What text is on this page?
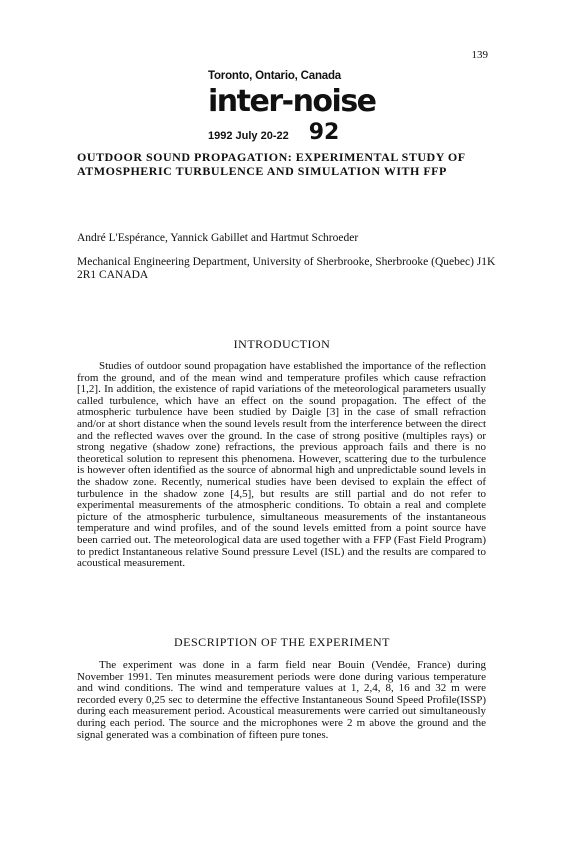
139
Toronto, Ontario, Canada
inter-noise
1992 July 20-22 92
OUTDOOR SOUND PROPAGATION: EXPERIMENTAL STUDY OF ATMOSPHERIC TURBULENCE AND SIMULATION WITH FFP
André L'Espérance, Yannick Gabillet and Hartmut Schroeder
Mechanical Engineering Department, University of Sherbrooke, Sherbrooke (Quebec) J1K 2R1 CANADA
INTRODUCTION

Studies of outdoor sound propagation have established the importance of the reflection from the ground, and of the mean wind and temperature profiles which cause refraction [1,2]. In addition, the existence of rapid variations of the meteorological parameters usually called turbulence, which have an effect on the sound propagation. The effect of the atmospheric turbulence have been studied by Daigle [3] in the case of small refraction and/or at short distance when the sound levels result from the interference between the direct and the reflected waves over the ground. In the case of strong positive (multiples rays) or strong negative (shadow zone) refractions, the previous approach fails and there is no theoretical solution to represent this phenomena. However, scattering due to the turbulence is however often identified as the source of abnormal high and unpredictable sound levels in the shadow zone. Recently, numerical studies have been devised to explain the effect of turbulence in the shadow zone [4,5], but results are still partial and do not refer to experimental measurements of the atmospheric conditions. To obtain a real and complete picture of the atmospheric turbulence, simultaneous measurements of the instantaneous temperature and wind profiles, and of the sound levels emitted from a point source have been carried out. The meteorological data are used together with a FFP (Fast Field Program) to predict Instantaneous relative Sound pressure Level (ISL) and the results are compared to acoustical measurement.

DESCRIPTION OF THE EXPERIMENT

The experiment was done in a farm field near Bouin (Vendée, France) during November 1991. Ten minutes measurement periods were done during various temperature and wind conditions. The wind and temperature values at 1, 2,4, 8, 16 and 32 m were recorded every 0,25 sec to determine the effective Instantaneous Sound Speed Profile(ISSP) during each measurement period. Acoustical measurements were carried out simultaneously during each period. The source and the microphones were 2 m above the ground and the signal generated was a combination of fifteen pure tones.
